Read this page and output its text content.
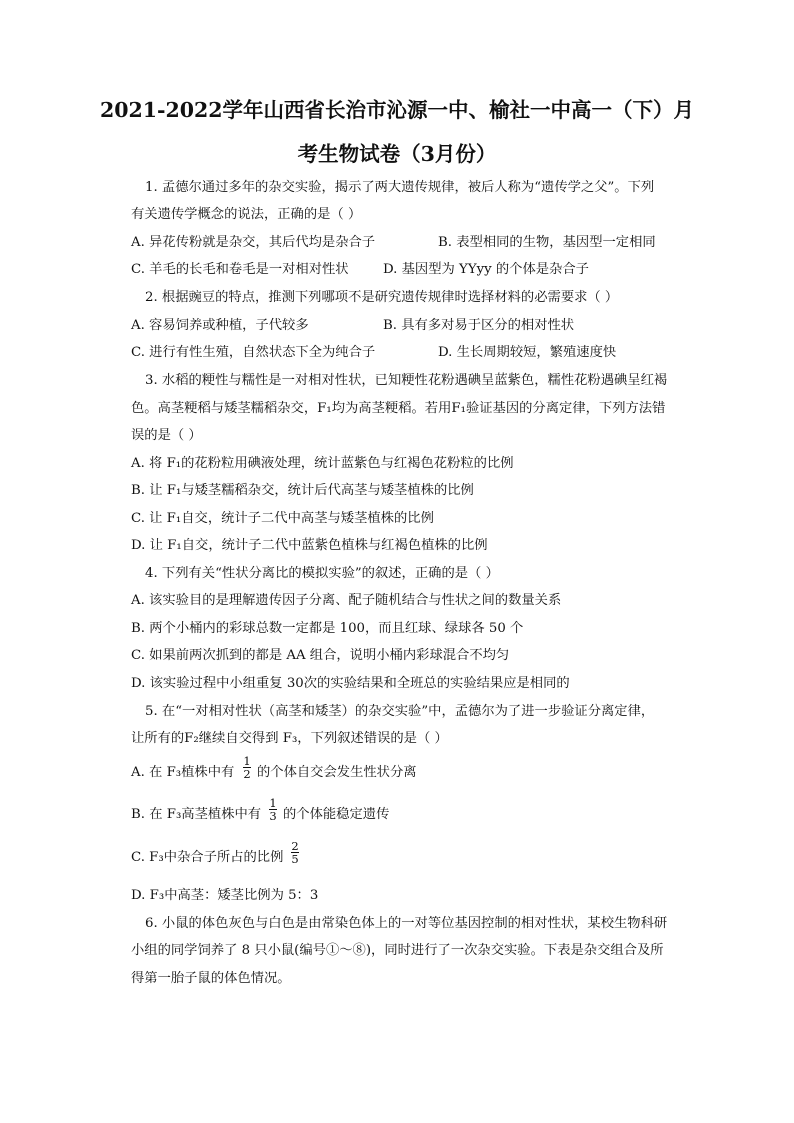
2021-2022学年山西省长治市沁源一中、榆社一中高一（下）月
考生物试卷（3月份）
1. 孟德尔通过多年的杂交实验，揭示了两大遗传规律，被后人称为“遗传学之父”。下列
有关遗传学概念的说法，正确的是（ ）
A. 异花传粉就是杂交，其后代均是杂合子	B. 表型相同的生物，基因型一定相同
C. 羊毛的长毛和卷毛是一对相对性状	D. 基因型为 YYyy 的个体是杂合子
2. 根据豌豆的特点，推测下列哪项不是研究遗传规律时选择材料的必需要求（ ）
A. 容易饲养或种植，子代较多	B. 具有多对易于区分的相对性状
C. 进行有性生殖，自然状态下全为纯合子	D. 生长周期较短，繁殖速度快
3. 水稻的粳性与糯性是一对相对性状，已知粳性花粉遇碘呈蓝紫色，糯性花粉遇碘呈红褐
色。高茎粳稻与矮茎糯稻杂交，F₁均为高茎粳稻。若用F₁验证基因的分离定律，下列方法错
误的是（ ）
A. 将 F₁的花粉粒用碘液处理，统计蓝紫色与红褐色花粉粒的比例
B. 让 F₁与矮茎糯稻杂交，统计后代高茎与矮茎植株的比例
C. 让 F₁自交，统计子二代中高茎与矮茎植株的比例
D. 让 F₁自交，统计子二代中蓝紫色植株与红褐色植株的比例
4. 下列有关“性状分离比的模拟实验”的叙述，正确的是（ ）
A. 该实验目的是理解遗传因子分离、配子随机结合与性状之间的数量关系
B. 两个小桶内的彩球总数一定都是 100，而且红球、绿球各 50 个
C. 如果前两次抓到的都是 AA 组合，说明小桶内彩球混合不均匀
D. 该实验过程中小组重复 30次的实验结果和全班总的实验结果应是相同的
5. 在“一对相对性状（高茎和矮茎）的杂交实验”中，孟德尔为了进一步验证分离定律，
让所有的F₂继续自交得到 F₃，下列叙述错误的是（ ）
A. 在 F₃植株中有
1
2 的个体自交会发生性状分离
B. 在 F₃高茎植株中有
1
3 的个体能稳定遗传
C. F₃中杂合子所占的比例
2
5
D. F₃中高茎：矮茎比例为 5：3
6. 小鼠的体色灰色与白色是由常染色体上的一对等位基因控制的相对性状，某校生物科研
小组的同学饲养了 8 只小鼠(编号①～⑧)，同时进行了一次杂交实验。下表是杂交组合及所
得第一胎子鼠的体色情况。
